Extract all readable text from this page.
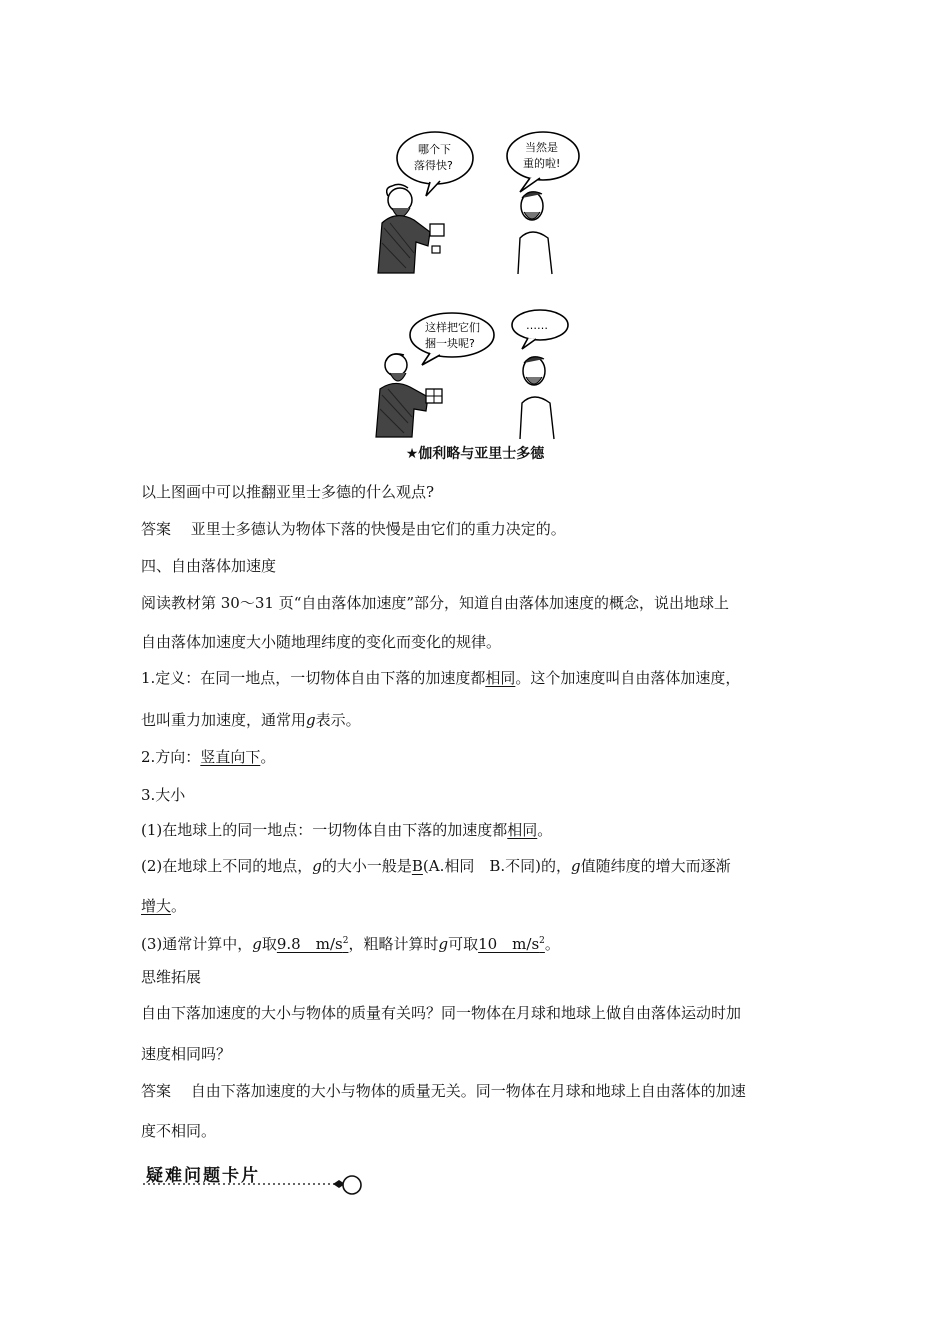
哪个下
落得快?
当然是
重的啦!
这样把它们
捆一块呢?
……
★伽利略与亚里士多德
以上图画中可以推翻亚里士多德的什么观点?
答案　 亚里士多德认为物体下落的快慢是由它们的重力决定的。
四、自由落体加速度
阅读教材第 30～31 页“自由落体加速度”部分，知道自由落体加速度的概念，说出地球上
自由落体加速度大小随地理纬度的变化而变化的规律。
1.定义：在同一地点，一切物体自由下落的加速度都相同。这个加速度叫自由落体加速度，
也叫重力加速度，通常用g表示。
2.方向：竖直向下。
3.大小
(1)在地球上的同一地点：一切物体自由下落的加速度都相同。
(2)在地球上不同的地点，g的大小一般是B(A.相同　B.不同)的，g值随纬度的增大而逐渐
增大。
(3)通常计算中，g取9.8　$m/s^2$，粗略计算时g可取10　$m/s^2$。
思维拓展
自由下落加速度的大小与物体的质量有关吗？同一物体在月球和地球上做自由落体运动时加
速度相同吗？
答案　 自由下落加速度的大小与物体的质量无关。同一物体在月球和地球上自由落体的加速
度不相同。
疑难问题卡片
